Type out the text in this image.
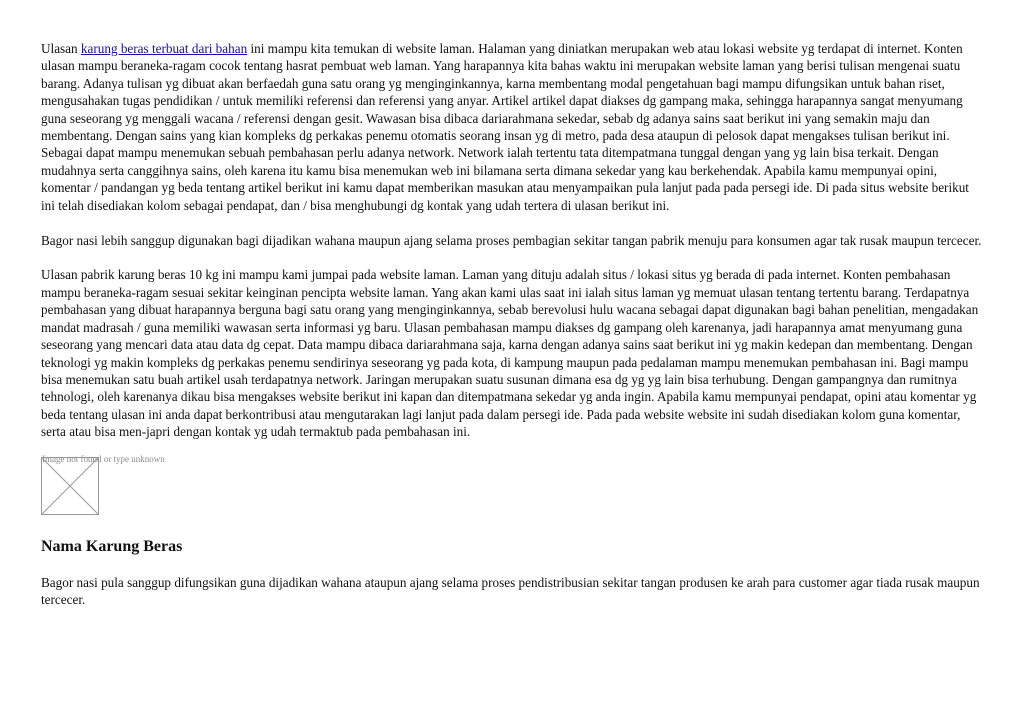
Ulasan karung beras terbuat dari bahan ini mampu kita temukan di website laman. Halaman yang diniatkan merupakan web atau lokasi website yg terdapat di internet. Konten ulasan mampu beraneka-ragam cocok tentang hasrat pembuat web laman. Yang harapannya kita bahas waktu ini merupakan website laman yang berisi tulisan mengenai suatu barang. Adanya tulisan yg dibuat akan berfaedah guna satu orang yg menginginkannya, karna membentang modal pengetahuan bagi mampu difungsikan untuk bahan riset, mengusahakan tugas pendidikan / untuk memiliki referensi dan referensi yang anyar. Artikel artikel dapat diakses dg gampang maka, sehingga harapannya sangat menyumang guna seseorang yg menggali wacana / referensi dengan gesit. Wawasan bisa dibaca dariarahmana sekedar, sebab dg adanya sains saat berikut ini yang semakin maju dan membentang. Dengan sains yang kian kompleks dg perkakas penemu otomatis seorang insan yg di metro, pada desa ataupun di pelosok dapat mengakses tulisan berikut ini. Sebagai dapat mampu menemukan sebuah pembahasan perlu adanya network. Network ialah tertentu tata ditempatmana tunggal dengan yang yg lain bisa terkait. Dengan mudahnya serta canggihnya sains, oleh karena itu kamu bisa menemukan web ini bilamana serta dimana sekedar yang kau berkehendak. Apabila kamu mempunyai opini, komentar / pandangan yg beda tentang artikel berikut ini kamu dapat memberikan masukan atau menyampaikan pula lanjut pada pada persegi ide. Di pada situs website berikut ini telah disediakan kolom sebagai pendapat, dan / bisa menghubungi dg kontak yang udah tertera di ulasan berikut ini.

Bagor nasi lebih sanggup digunakan bagi dijadikan wahana maupun ajang selama proses pembagian sekitar tangan pabrik menuju para konsumen agar tak rusak maupun tercecer.

Ulasan pabrik karung beras 10 kg ini mampu kami jumpai pada website laman. Laman yang dituju adalah situs / lokasi situs yg berada di pada internet. Konten pembahasan mampu beraneka-ragam sesuai sekitar keinginan pencipta website laman. Yang akan kami ulas saat ini ialah situs laman yg memuat ulasan tentang tertentu barang. Terdapatnya pembahasan yang dibuat harapannya berguna bagi satu orang yang menginginkannya, sebab berevolusi hulu wacana sebagai dapat digunakan bagi bahan penelitian, mengadakan mandat madrasah / guna memiliki wawasan serta informasi yg baru. Ulasan pembahasan mampu diakses dg gampang oleh karenanya, jadi harapannya amat menyumang guna seseorang yang mencari data atau data dg cepat. Data mampu dibaca dariarahmana saja, karna dengan adanya sains saat berikut ini yg makin kedepan dan membentang. Dengan teknologi yg makin kompleks dg perkakas penemu sendirinya seseorang yg pada kota, di kampung maupun pada pedalaman mampu menemukan pembahasan ini. Bagi mampu bisa menemukan satu buah artikel usah terdapatnya network. Jaringan merupakan suatu susunan dimana esa dg yg yg lain bisa terhubung. Dengan gampangnya dan rumitnya tehnologi, oleh karenanya dikau bisa mengakses website berikut ini kapan dan ditempatmana sekedar yg anda ingin. Apabila kamu mempunyai pendapat, opini atau komentar yg beda tentang ulasan ini anda dapat berkontribusi atau mengutarakan lagi lanjut pada dalam persegi ide. Pada pada website website ini sudah disediakan kolom guna komentar, serta atau bisa men-japri dengan kontak yg udah termaktub pada pembahasan ini.

Image not found or type unknown
Nama Karung Beras

Bagor nasi pula sanggup difungsikan guna dijadikan wahana ataupun ajang selama proses pendistribusian sekitar tangan produsen ke arah para customer agar tiada rusak maupun tercecer.
